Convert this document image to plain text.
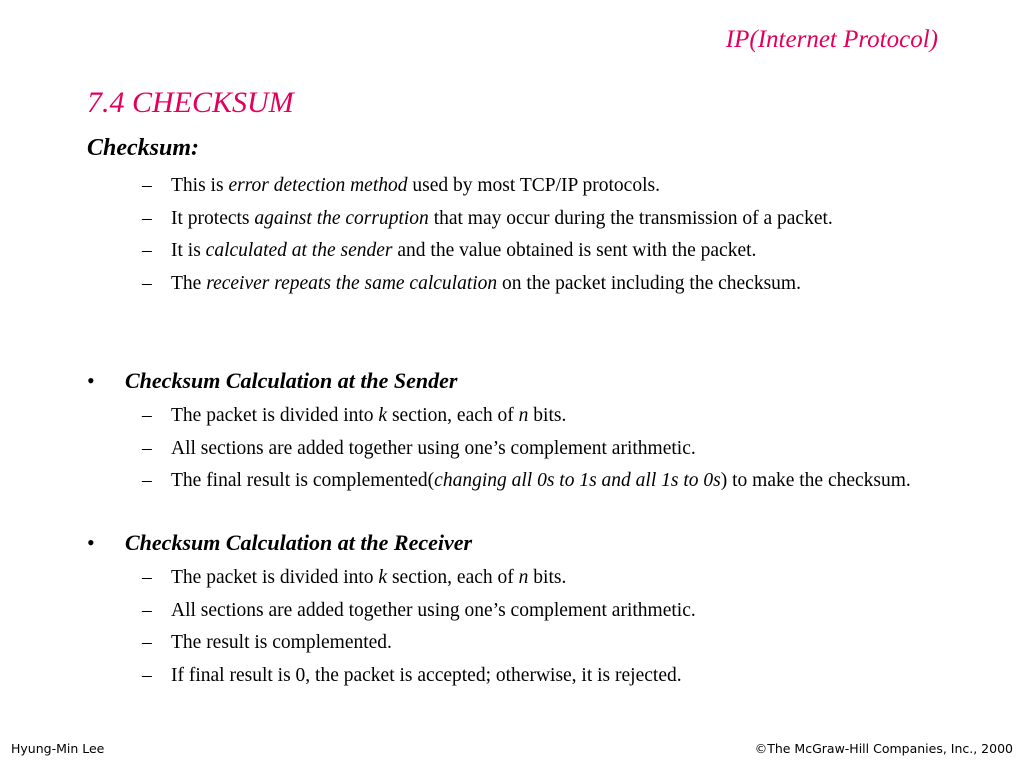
IP(Internet Protocol)
7.4 CHECKSUM
Checksum:
– This is error detection method used by most TCP/IP protocols.
– It protects against the corruption that may occur during the transmission of a packet.
– It is calculated at the sender and the value obtained is sent with the packet.
– The receiver repeats the same calculation on the packet including the checksum.
• Checksum Calculation at the Sender
– The packet is divided into k section, each of n bits.
– All sections are added together using one’s complement arithmetic.
– The final result is complemented(changing all 0s to 1s and all 1s to 0s) to make the checksum.
• Checksum Calculation at the Receiver
– The packet is divided into k section, each of n bits.
– All sections are added together using one’s complement arithmetic.
– The result is complemented.
– If final result is 0, the packet is accepted; otherwise, it is rejected.
Hyung-Min Lee	©The McGraw-Hill Companies, Inc., 2000
